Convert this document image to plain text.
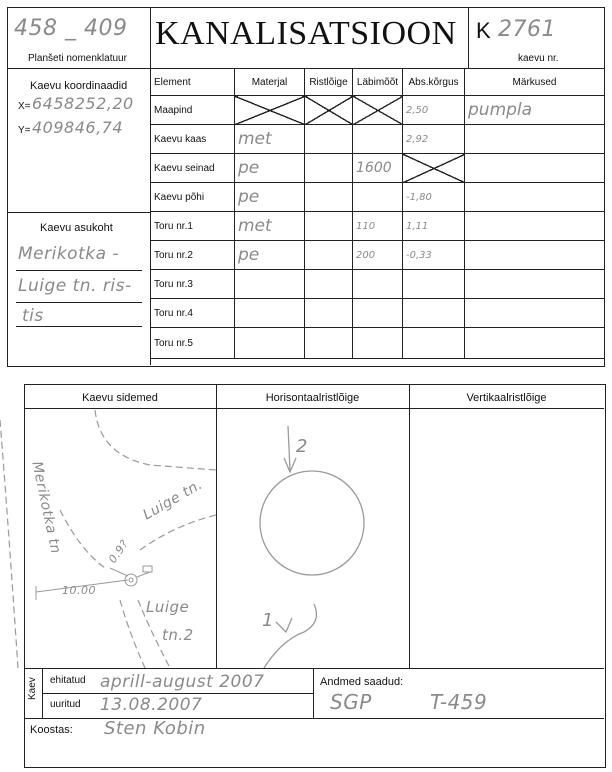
458 _ 409
Planšeti nomenklatuur
KANALISATSIOON K 2761
kaevu nr.
Kaevu koordinaadid
X= 6458252,20
Y= 409846,74
Kaevu asukoht
Merikotka -
Luige tn. ris-
tis
Element	Materjal	Ristlõige	Läbimõõt	Abs.kõrgus	Märkused
Maapind				2,50	pumpla
Kaevu kaas	met			2,92	
Kaevu seinad	pe		1600		
Kaevu põhi	pe			-1,80	
Toru nr.1	met		110	1,11	
Toru nr.2	pe		200	-0,33	
Toru nr.3					
Toru nr.4					
Toru nr.5					
Kaevu sidemed	Horisontaalristlõige	Vertikaalristlõige
Merikotka tn	Luige tn.
0.9?
10.00
Luige
tn.2
2
1
Kaev ehitatud aprill-august 2007
uuritud 13.08.2007
Andmed saadud:
SGP	T-459
Koostas: Sten Kobin
